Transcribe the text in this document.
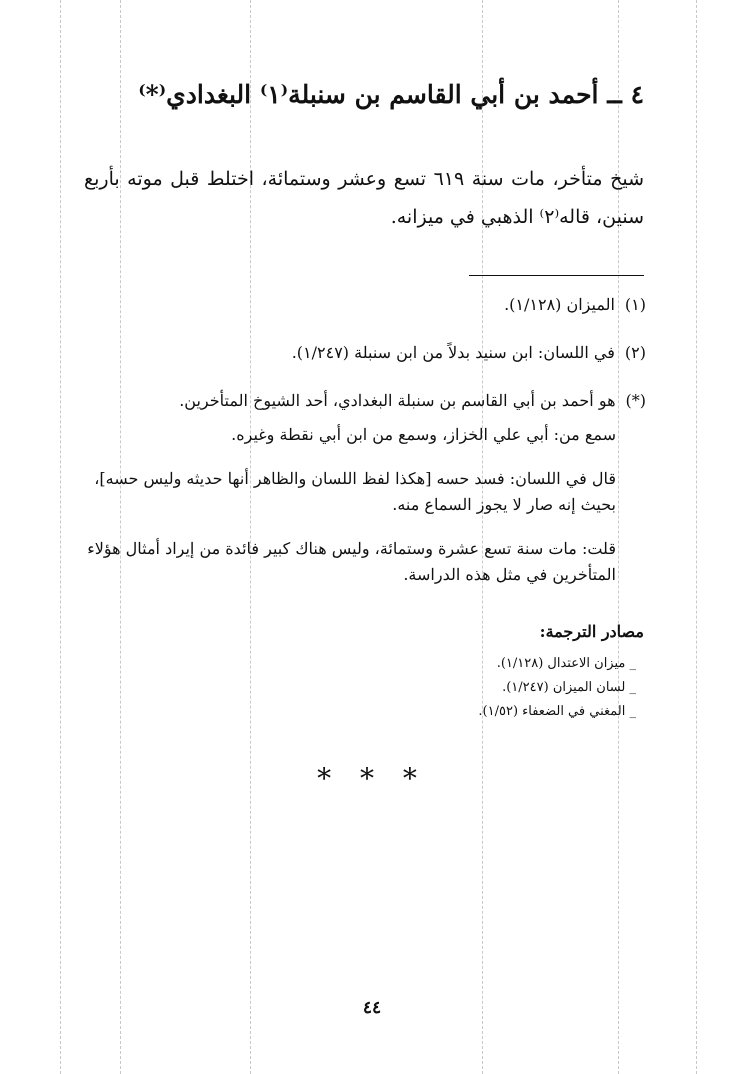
٤ ــ أحمد بن أبي القاسم بن سنبلة⁽١⁾ البغدادي⁽*⁾
شيخ متأخر، مات سنة ٦١٩ تسع وعشر وستمائة، اختلط قبل موته بأربع سنين، قاله⁽٢⁾ الذهبي في ميزانه.
(١)الميزان (١/١٢٨).
(٢)في اللسان: ابن سنيد بدلاً من ابن سنبلة (١/٢٤٧).
(*)هو أحمد بن أبي القاسم بن سنبلة البغدادي، أحد الشيوخ المتأخرين.
سمع من: أبي علي الخزاز، وسمع من ابن أبي نقطة وغيره.
قال في اللسان: فسد حسه [هكذا لفظ اللسان والظاهر أنها حديثه وليس حسه]، بحيث إنه صار لا يجوز السماع منه.
قلت: مات سنة تسع عشرة وستمائة، وليس هناك كبير فائدة من إيراد أمثال هؤلاء المتأخرين في مثل هذه الدراسة.
مصادر الترجمة:
_ ميزان الاعتدال (١/١٢٨).
_ لسان الميزان (١/٢٤٧).
_ المغني في الضعفاء (١/٥٢).
* * *
٤٤
